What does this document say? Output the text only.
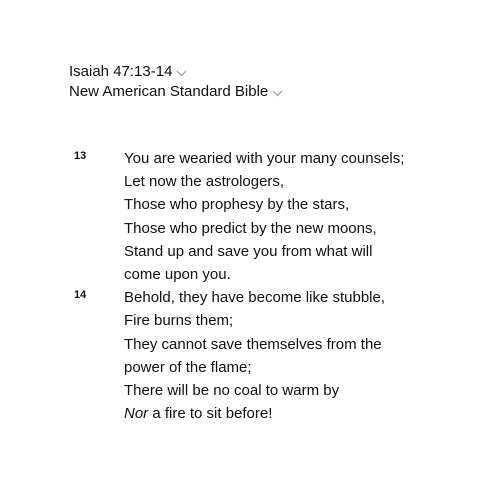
Isaiah 47:13-14
New American Standard Bible
13	You are wearied with your many counsels;
Let now the astrologers,
Those who prophesy by the stars,
Those who predict by the new moons,
Stand up and save you from what will
come upon you.
14	Behold, they have become like stubble,
Fire burns them;
They cannot save themselves from the
power of the flame;
There will be no coal to warm by
Nor a fire to sit before!
